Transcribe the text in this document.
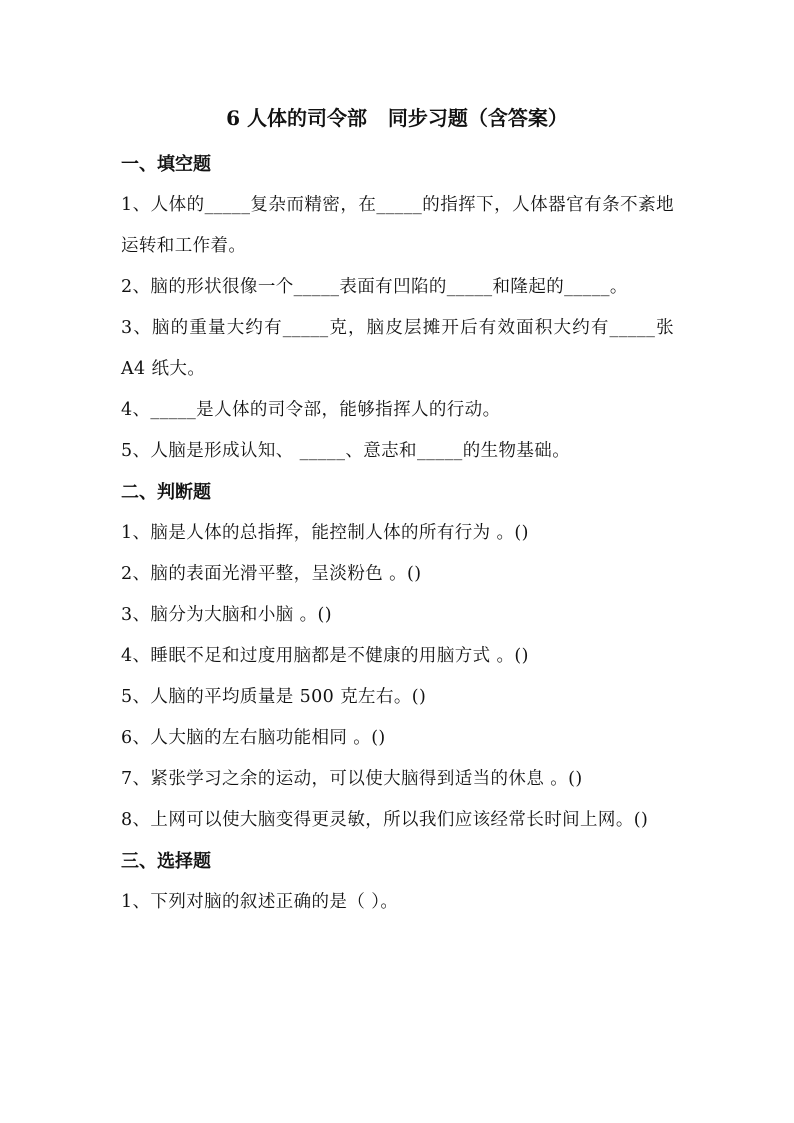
6 人体的司令部   同步习题（含答案）
一、填空题
1、人体的_____复杂而精密，在_____的指挥下，人体器官有条不紊地运转和工作着。
2、脑的形状很像一个_____表面有凹陷的_____和隆起的_____。
3、脑的重量大约有_____克，脑皮层摊开后有效面积大约有_____张 A4 纸大。
4、_____是人体的司令部，能够指挥人的行动。
5、人脑是形成认知、 _____、意志和_____的生物基础。
二、判断题
1、脑是人体的总指挥，能控制人体的所有行为 。()
2、脑的表面光滑平整，呈淡粉色 。()
3、脑分为大脑和小脑 。()
4、睡眠不足和过度用脑都是不健康的用脑方式 。()
5、人脑的平均质量是 500 克左右。()
6、人大脑的左右脑功能相同 。()
7、紧张学习之余的运动，可以使大脑得到适当的休息 。()
8、上网可以使大脑变得更灵敏，所以我们应该经常长时间上网。()
三、选择题
1、下列对脑的叙述正确的是（ ）。
